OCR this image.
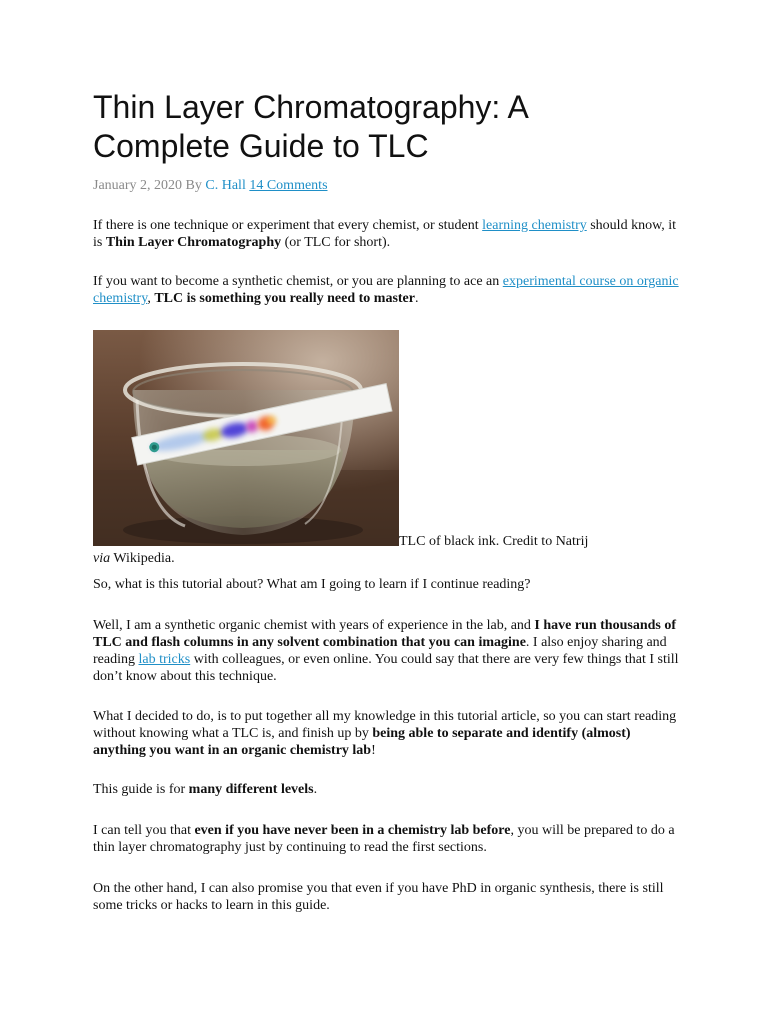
Thin Layer Chromatography: A Complete Guide to TLC

January 2, 2020 By C. Hall 14 Comments

If there is one technique or experiment that every chemist, or student learning chemistry should know, it is Thin Layer Chromatography (or TLC for short).

If you want to become a synthetic chemist, or you are planning to ace an experimental course on organic chemistry, TLC is something you really need to master.

TLC of black ink. Credit to Natrij via Wikipedia.

So, what is this tutorial about? What am I going to learn if I continue reading?

Well, I am a synthetic organic chemist with years of experience in the lab, and I have run thousands of TLC and flash columns in any solvent combination that you can imagine. I also enjoy sharing and reading lab tricks with colleagues, or even online. You could say that there are very few things that I still don’t know about this technique.

What I decided to do, is to put together all my knowledge in this tutorial article, so you can start reading without knowing what a TLC is, and finish up by being able to separate and identify (almost) anything you want in an organic chemistry lab!

This guide is for many different levels.

I can tell you that even if you have never been in a chemistry lab before, you will be prepared to do a thin layer chromatography just by continuing to read the first sections.

On the other hand, I can also promise you that even if you have PhD in organic synthesis, there is still some tricks or hacks to learn in this guide.
